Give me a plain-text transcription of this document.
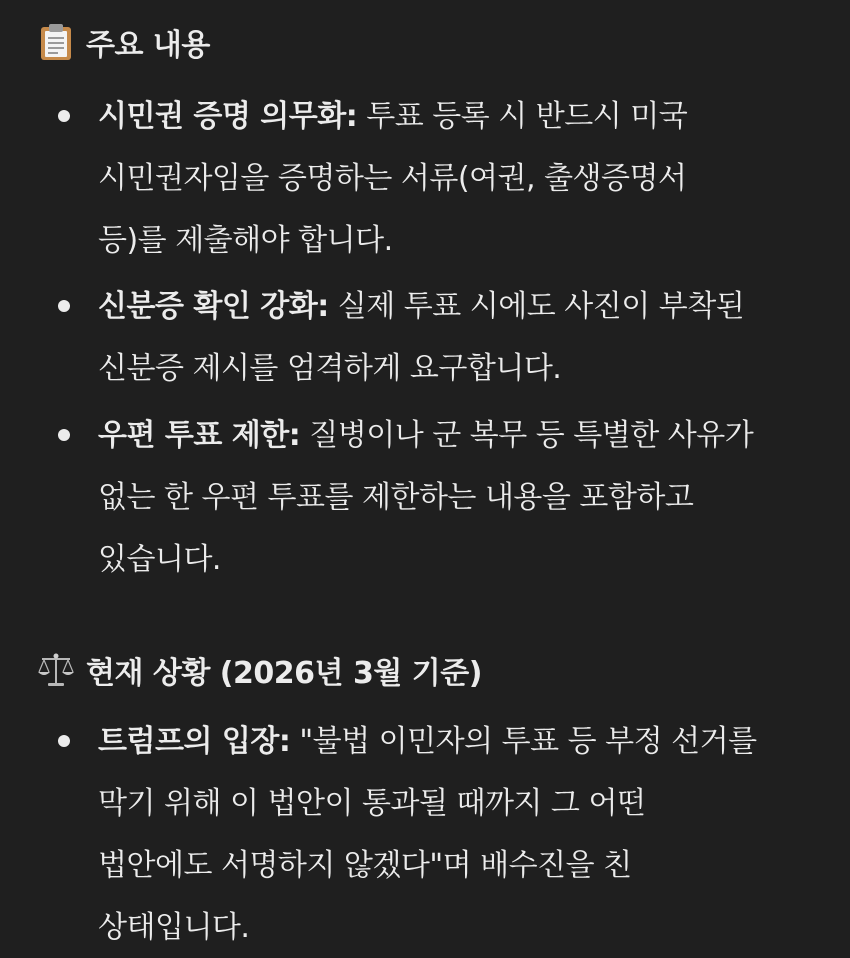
주요 내용
시민권 증명 의무화: 투표 등록 시 반드시 미국
시민권자임을 증명하는 서류(여권, 출생증명서
등)를 제출해야 합니다.
신분증 확인 강화: 실제 투표 시에도 사진이 부착된
신분증 제시를 엄격하게 요구합니다.
우편 투표 제한: 질병이나 군 복무 등 특별한 사유가
없는 한 우편 투표를 제한하는 내용을 포함하고
있습니다.
현재 상황 (2026년 3월 기준)
트럼프의 입장: "불법 이민자의 투표 등 부정 선거를
막기 위해 이 법안이 통과될 때까지 그 어떤
법안에도 서명하지 않겠다"며 배수진을 친
상태입니다.
